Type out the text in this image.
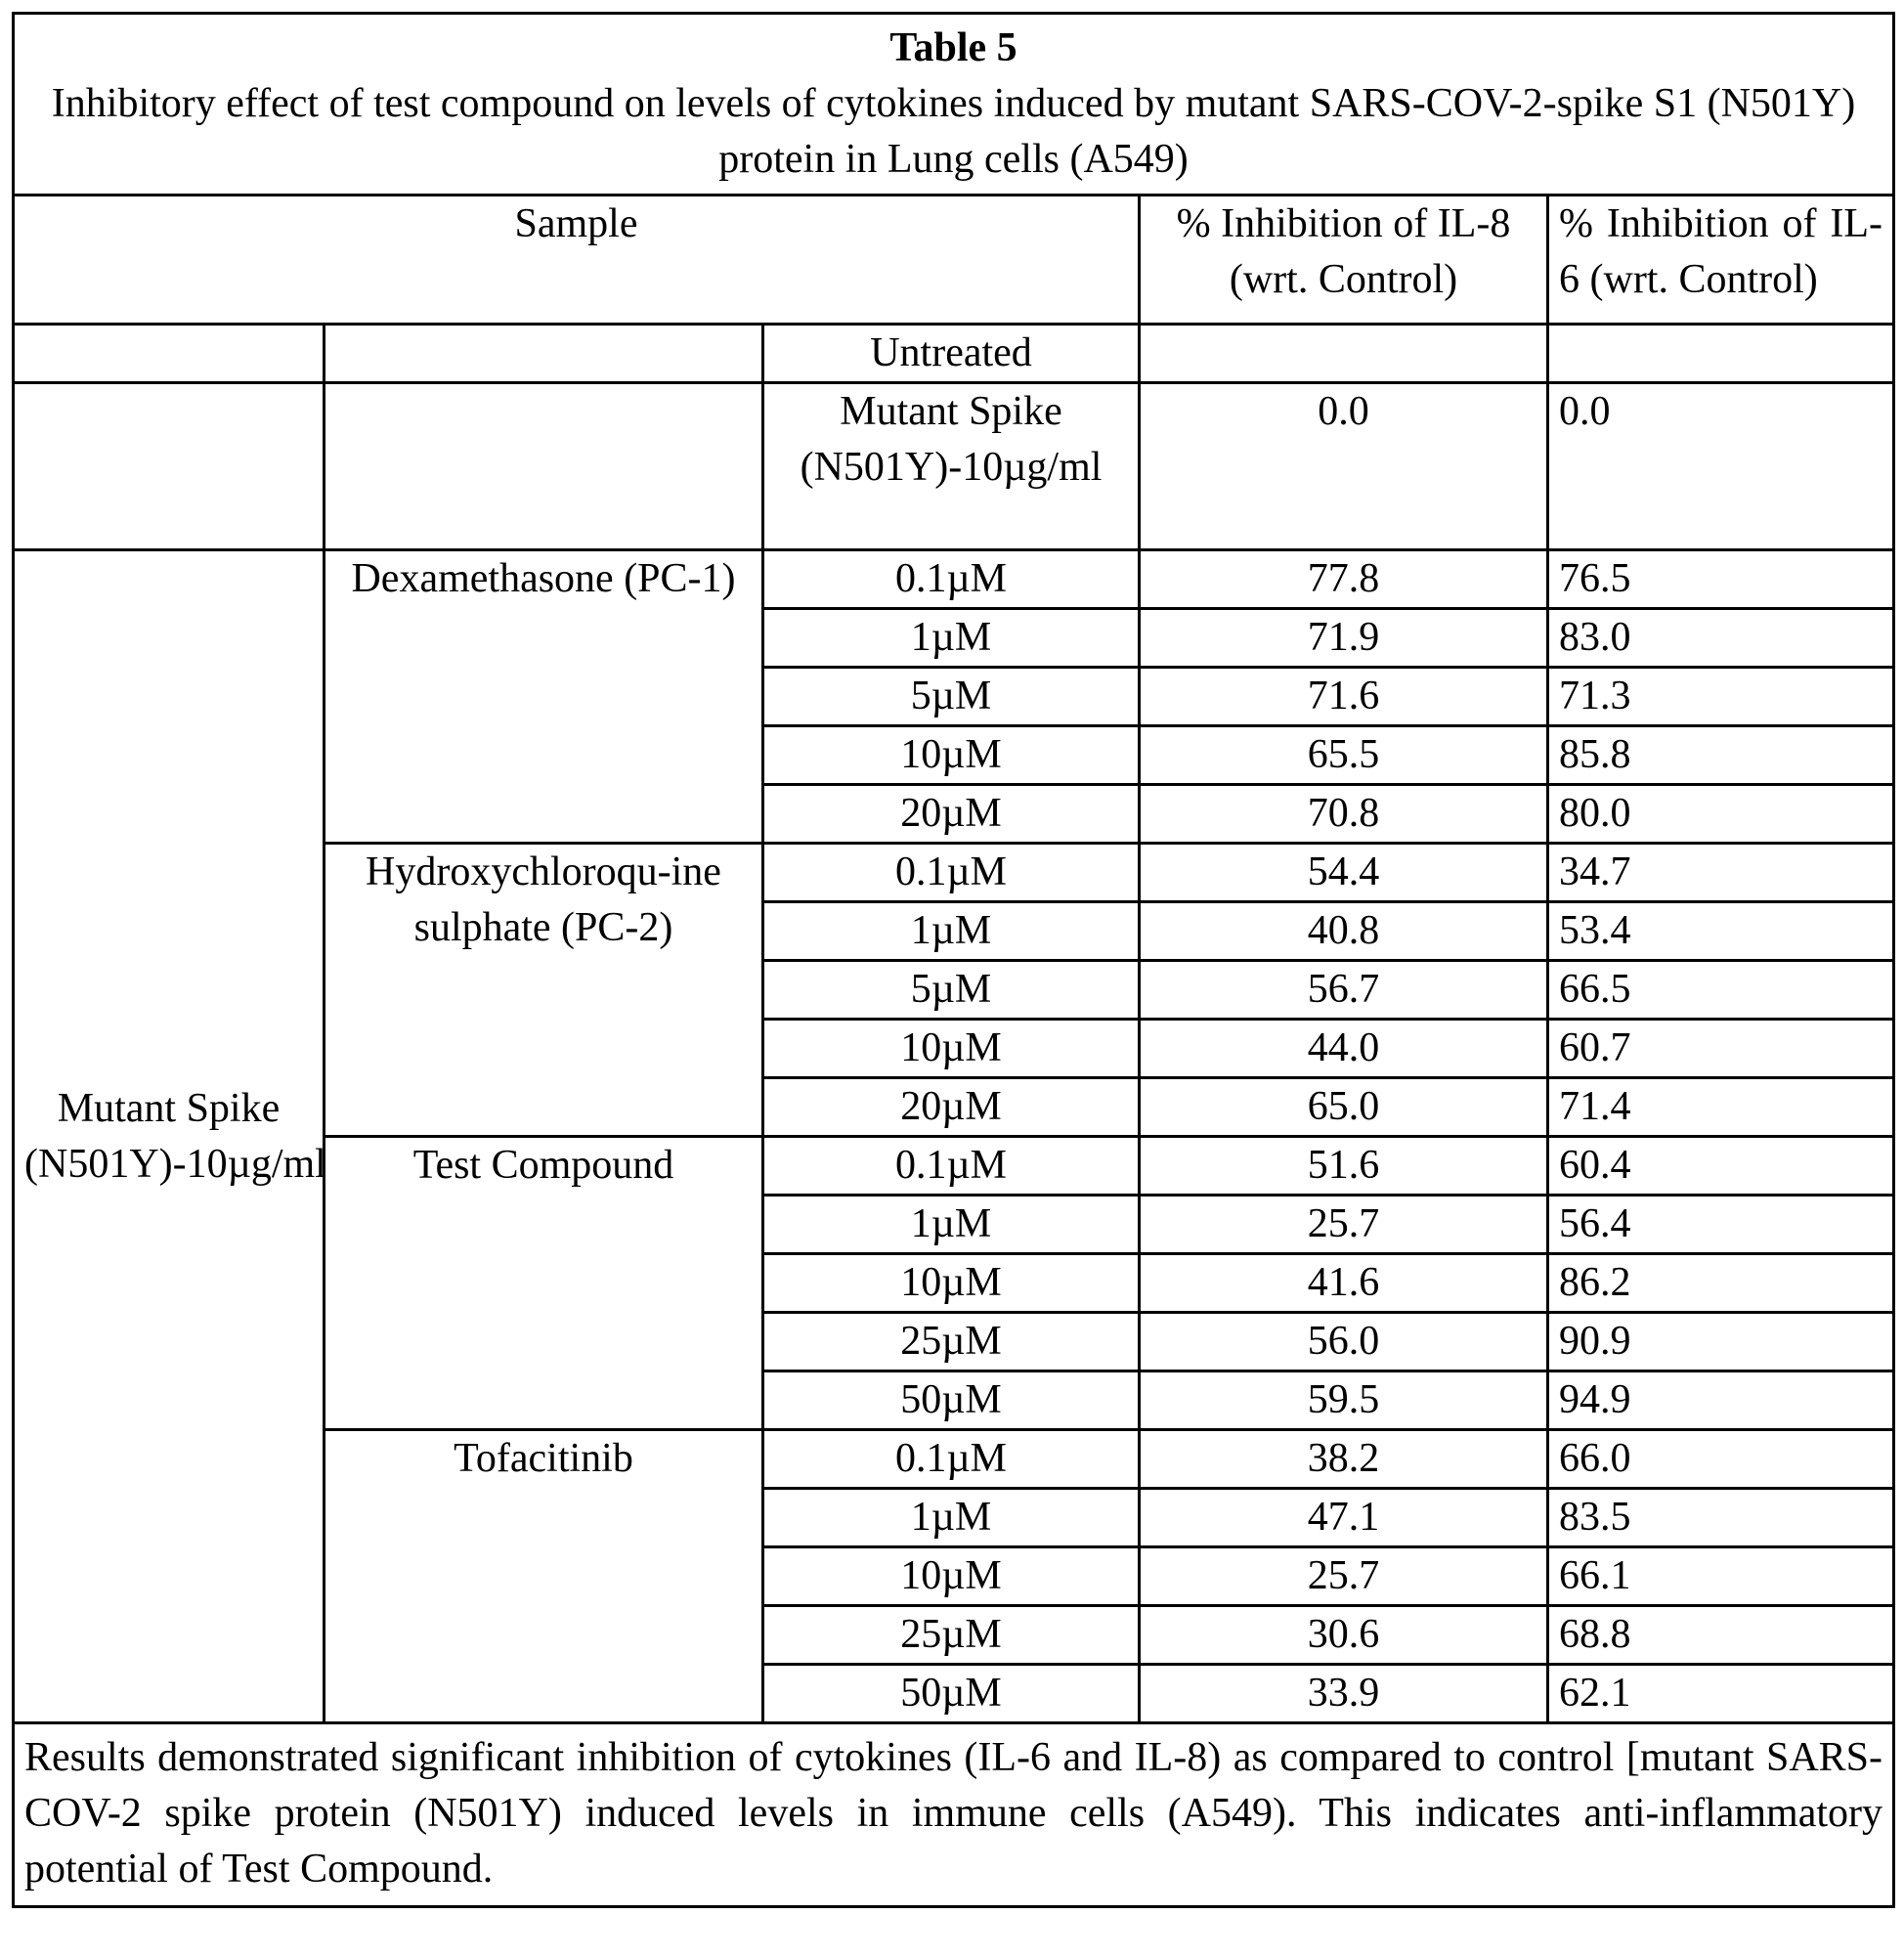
Table 5
Inhibitory effect of test compound on levels of cytokines induced by mutant SARS-COV-2-spike S1 (N501Y) protein in Lung cells (A549)				

Sample			% Inhibition of IL-8 (wrt. Control)	% Inhibition of IL-6 (wrt. Control)
		Untreated		
		Mutant Spike (N501Y)-10µg/ml	0.0	0.0
Mutant Spike (N501Y)-10µg/ml	Dexamethasone (PC-1)	0.1µM	77.8	76.5
		1µM	71.9	83.0
		5µM	71.6	71.3
		10µM	65.5	85.8
		20µM	70.8	80.0
	Hydroxychloroqu-ine sulphate (PC-2)	0.1µM	54.4	34.7
		1µM	40.8	53.4
		5µM	56.7	66.5
		10µM	44.0	60.7
		20µM	65.0	71.4
	Test Compound	0.1µM	51.6	60.4
		1µM	25.7	56.4
		10µM	41.6	86.2
		25µM	56.0	90.9
		50µM	59.5	94.9
	Tofacitinib	0.1µM	38.2	66.0
		1µM	47.1	83.5
		10µM	25.7	66.1
		25µM	30.6	68.8
		50µM	33.9	62.1
Results demonstrated significant inhibition of cytokines (IL-6 and IL-8) as compared to control [mutant SARS-COV-2 spike protein (N501Y) induced levels in immune cells (A549). This indicates anti-inflammatory potential of Test Compound.				
